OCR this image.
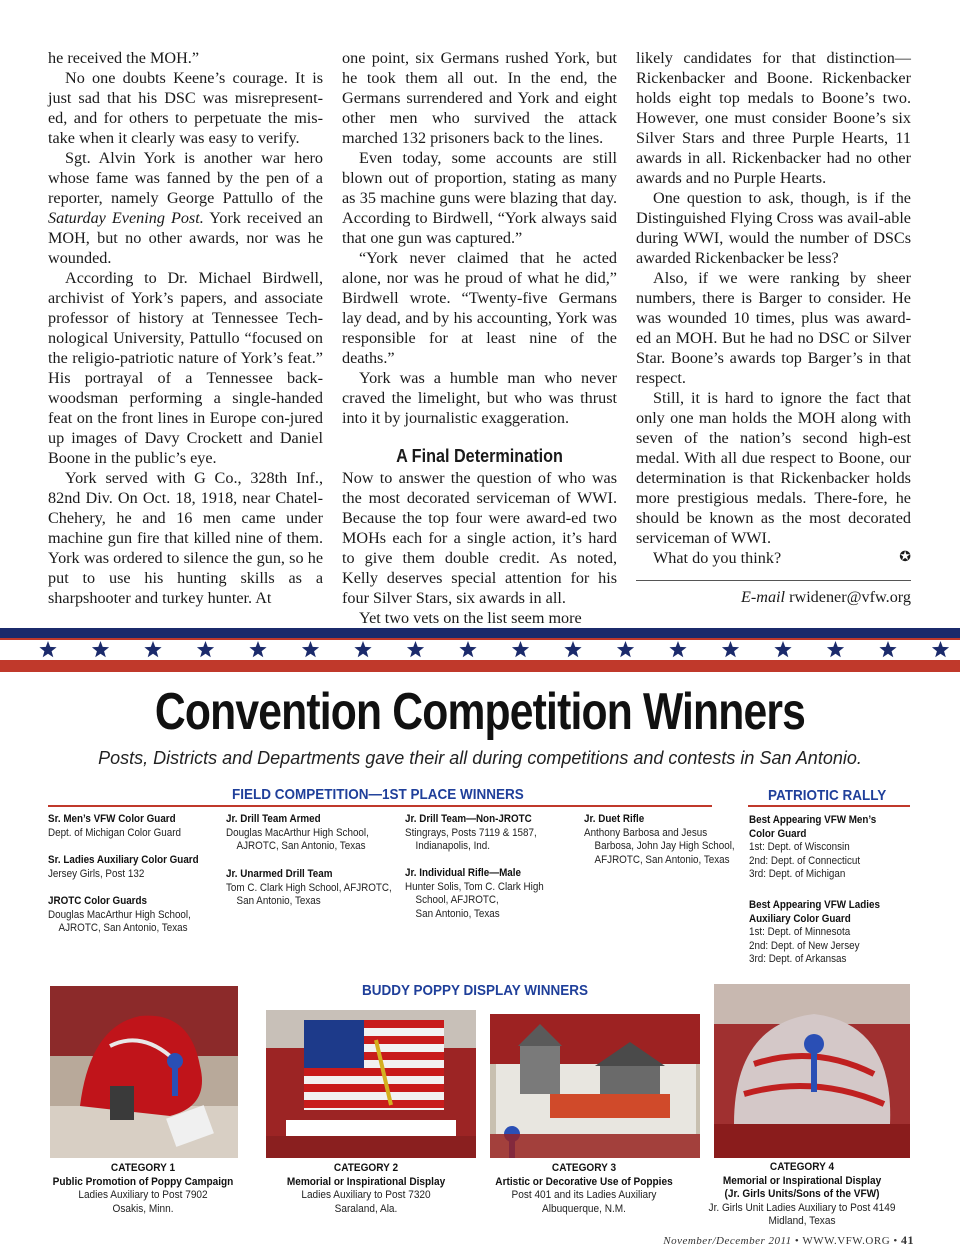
he received the MOH.”

No one doubts Keene’s courage. It is just sad that his DSC was misrepresent-ed, and for others to perpetuate the mis-take when it clearly was easy to verify.

Sgt. Alvin York is another war hero whose fame was fanned by the pen of a reporter, namely George Pattullo of the Saturday Evening Post. York received an MOH, but no other awards, nor was he wounded.

According to Dr. Michael Birdwell, archivist of York’s papers, and associate professor of history at Tennessee Tech-nological University, Pattullo “focused on the religio-patriotic nature of York’s feat.” His portrayal of a Tennessee back-woodsman performing a single-handed feat on the front lines in Europe con-jured up images of Davy Crockett and Daniel Boone in the public’s eye.

York served with G Co., 328th Inf., 82nd Div. On Oct. 18, 1918, near Chatel-Chehery, he and 16 men came under machine gun fire that killed nine of them. York was ordered to silence the gun, so he put to use his hunting skills as a sharpshooter and turkey hunter. At

one point, six Germans rushed York, but he took them all out. In the end, the Germans surrendered and York and eight other men who survived the attack marched 132 prisoners back to the lines.

Even today, some accounts are still blown out of proportion, stating as many as 35 machine guns were blazing that day. According to Birdwell, “York always said that one gun was captured.”

“York never claimed that he acted alone, nor was he proud of what he did,” Birdwell wrote. “Twenty-five Germans lay dead, and by his accounting, York was responsible for at least nine of the deaths.”

York was a humble man who never craved the limelight, but who was thrust into it by journalistic exaggeration.

A Final Determination

Now to answer the question of who was the most decorated serviceman of WWI. Because the top four were award-ed two MOHs each for a single action, it’s hard to give them double credit. As noted, Kelly deserves special attention for his four Silver Stars, six awards in all.

Yet two vets on the list seem more

likely candidates for that distinction—Rickenbacker and Boone. Rickenbacker holds eight top medals to Boone’s two. However, one must consider Boone’s six Silver Stars and three Purple Hearts, 11 awards in all. Rickenbacker had no other awards and no Purple Hearts.

One question to ask, though, is if the Distinguished Flying Cross was avail-able during WWI, would the number of DSCs awarded Rickenbacker be less?

Also, if we were ranking by sheer numbers, there is Barger to consider. He was wounded 10 times, plus was award-ed an MOH. But he had no DSC or Silver Star. Boone’s awards top Barger’s in that respect.

Still, it is hard to ignore the fact that only one man holds the MOH along with seven of the nation’s second high-est medal. With all due respect to Boone, our determination is that Rickenbacker holds more prestigious medals. There-fore, he should be known as the most decorated serviceman of WWI.

What do you think?	✪

E-mail rwidener@vfw.org
Convention Competition Winners
Posts, Districts and Departments gave their all during competitions and contests in San Antonio.
FIELD COMPETITION—1ST PLACE WINNERS	PATRIOTIC RALLY
Sr. Men’s VFW Color Guard
Dept. of Michigan Color Guard
Sr. Ladies Auxiliary Color Guard
Jersey Girls, Post 132
JROTC Color Guards
Douglas MacArthur High School,
AJROTC, San Antonio, Texas
Jr. Drill Team Armed
Douglas MacArthur High School,
AJROTC, San Antonio, Texas
Jr. Unarmed Drill Team
Tom C. Clark High School, AFJROTC,
San Antonio, Texas
Jr. Drill Team—Non-JROTC
Stingrays, Posts 7119 & 1587,
Indianapolis, Ind.
Jr. Individual Rifle—Male
Hunter Solis, Tom C. Clark High
School, AFJROTC,
San Antonio, Texas
Jr. Duet Rifle
Anthony Barbosa and Jesus
Barbosa, John Jay High School,
AFJROTC, San Antonio, Texas
Best Appearing VFW Men’s
Color Guard
1st: Dept. of Wisconsin
2nd: Dept. of Connecticut
3rd: Dept. of Michigan
Best Appearing VFW Ladies
Auxiliary Color Guard
1st: Dept. of Minnesota
2nd: Dept. of New Jersey
3rd: Dept. of Arkansas
BUDDY POPPY DISPLAY WINNERS
CATEGORY 1
Public Promotion of Poppy Campaign
Ladies Auxiliary to Post 7902
Osakis, Minn.
CATEGORY 2
Memorial or Inspirational Display
Ladies Auxiliary to Post 7320
Saraland, Ala.
CATEGORY 3
Artistic or Decorative Use of Poppies
Post 401 and its Ladies Auxiliary
Albuquerque, N.M.
CATEGORY 4
Memorial or Inspirational Display
(Jr. Girls Units/Sons of the VFW)
Jr. Girls Unit Ladies Auxiliary to Post 4149
Midland, Texas
November/December 2011 • WWW.VFW.ORG • 41
